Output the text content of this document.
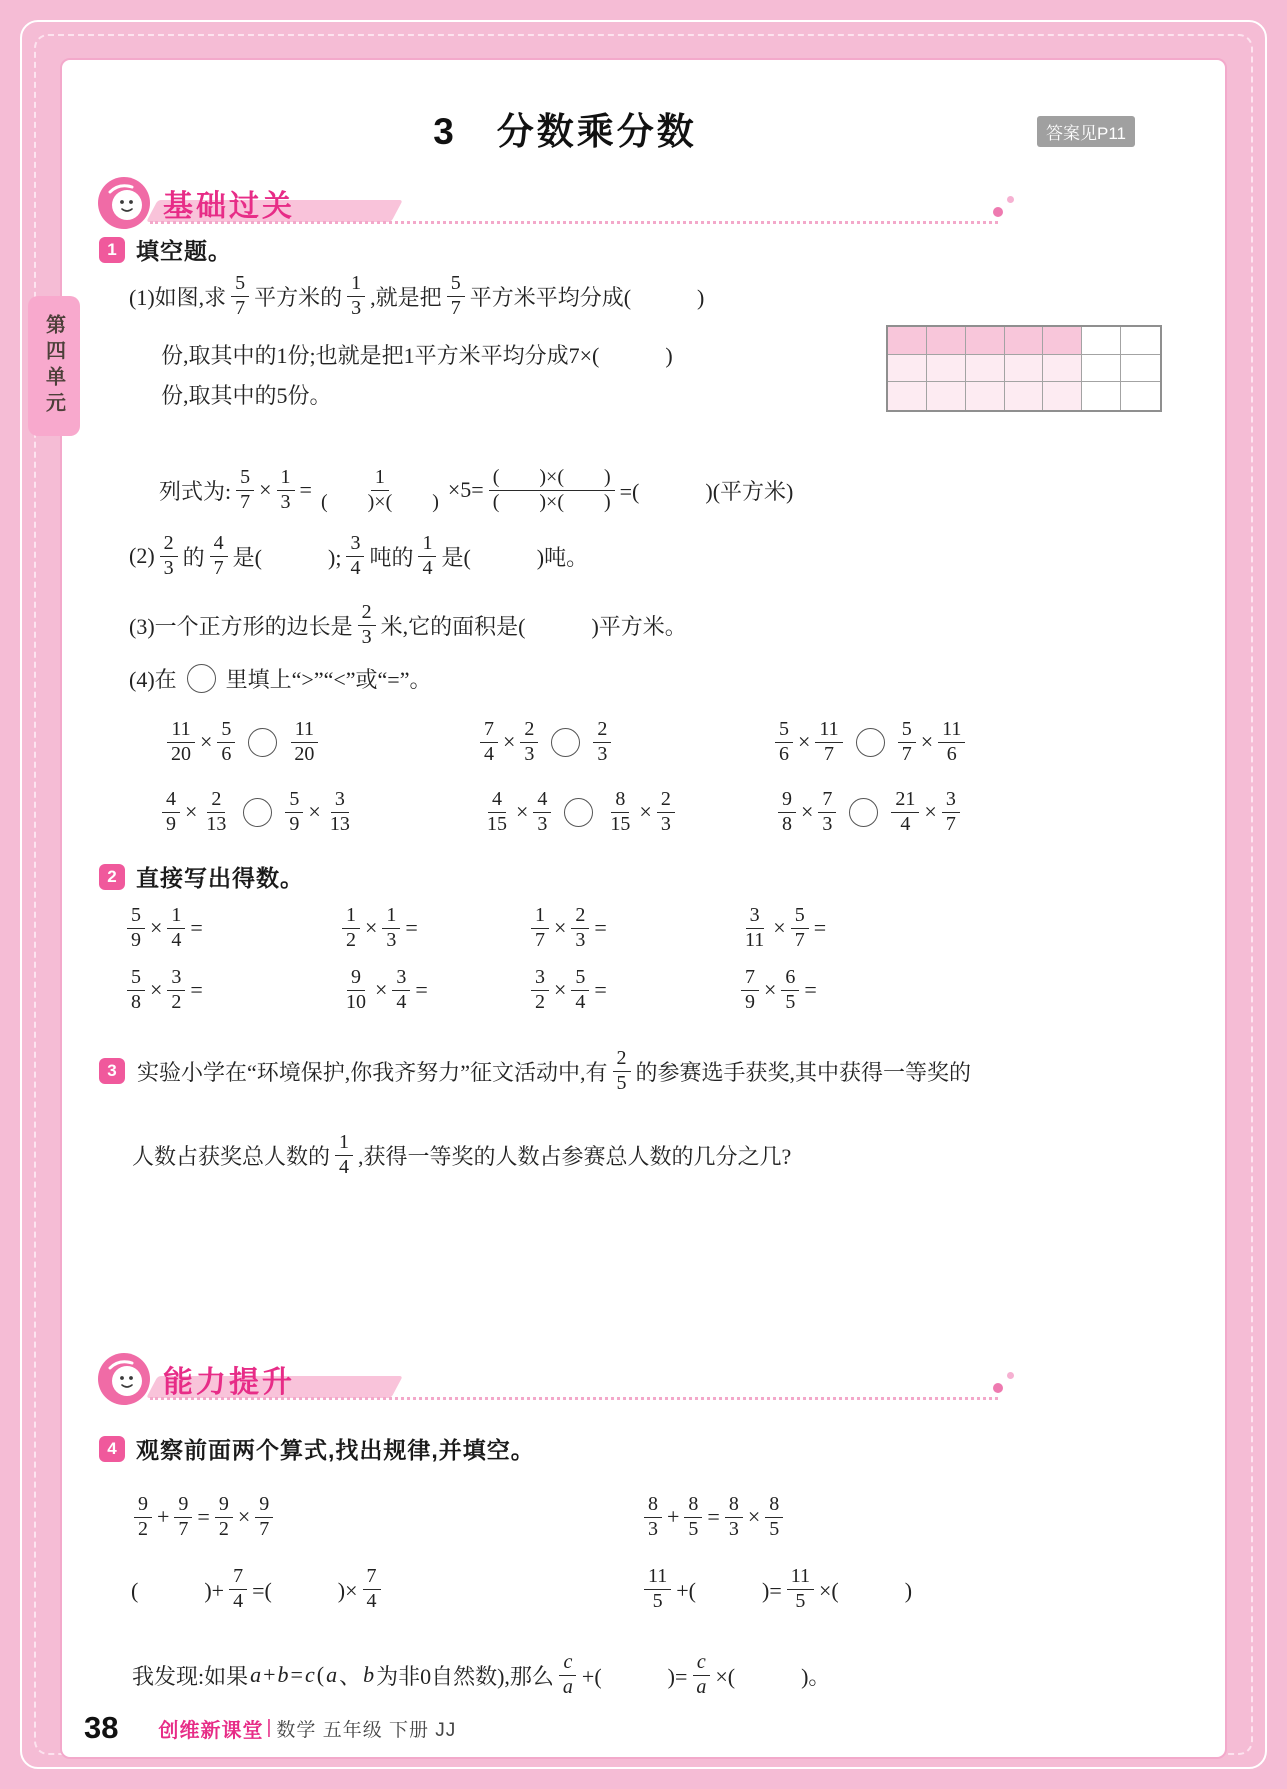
第四单元
3　分数乘分数	答案见P11
基础过关
1 填空题。
(1)如图,求 $\frac{5}{7}$ 平方米的 $\frac{1}{3}$ ,就是把 $\frac{5}{7}$ 平方米平均分成(　　　)
份,取其中的1份;也就是把1平方米平均分成7×(　　　)
份,取其中的5份。
列式为: $\frac{5}{7} \times \frac{1}{3} = \frac{1}{( )\times( )} \times 5= \frac{( )\times( )}{( )\times( )}$ =(　　　)(平方米)
$(2) \frac{2}{3}$ 的 $\frac{4}{7}$ 是(　　　); $\frac{3}{4}$ 吨的 $\frac{1}{4}$ 是(　　　)吨。
(3)一个正方形的边长是 $\frac{2}{3}$ 米,它的面积是(　　　)平方米。
(4)在 里填上“>”“<”或“=”。
$\frac{11}{20} \times \frac{5}{6}$	$\frac{11}{20}$	$\frac{7}{4} \times \frac{2}{3}$	$\frac{2}{3}$	$\frac{5}{6} \times \frac{11}{7}$	$\frac{5}{7} \times \frac{11}{6}$
$\frac{4}{9} \times \frac{2}{13}$	$\frac{5}{9} \times \frac{3}{13}$	$\frac{4}{15} \times \frac{4}{3}$	$\frac{8}{15} \times \frac{2}{3}$	$\frac{9}{8} \times \frac{7}{3}$	$\frac{21}{4} \times \frac{3}{7}$
2 直接写出得数。
$\frac{5}{9} \times \frac{1}{4}$ =	$\frac{1}{2} \times \frac{1}{3}$ =	$\frac{1}{7} \times \frac{2}{3}$ =	$\frac{3}{11} \times \frac{5}{7}$ =
$\frac{5}{8} \times \frac{3}{2}$ =	$\frac{9}{10} \times \frac{3}{4}$ =	$\frac{3}{2} \times \frac{5}{4}$ =	$\frac{7}{9} \times \frac{6}{5}$ =
3 实验小学在“环境保护,你我齐努力”征文活动中,有 $\frac{2}{5}$ 的参赛选手获奖,其中获得一等奖的
人数占获奖总人数的 $\frac{1}{4}$ ,获得一等奖的人数占参赛总人数的几分之几?
能力提升
4 观察前面两个算式,找出规律,并填空。
$\frac{9}{2} + \frac{9}{7} = \frac{9}{2} \times \frac{9}{7}$	$\frac{8}{3} + \frac{8}{5} = \frac{8}{3} \times \frac{8}{5}$
(　　　)+ $\frac{7}{4}$ =(　　　)× $\frac{7}{4}$	$\frac{11}{5}$ +(　　　)= $\frac{11}{5}$ ×(　　　)
我发现:如果 a + b = c ( a 、 b 为非0自然数),那么 $\frac{c}{a}$ +(　　　)= $\frac{c}{a}$ ×(　　　)。
38 创维新课堂 | 数学 五年级 下册 JJ
